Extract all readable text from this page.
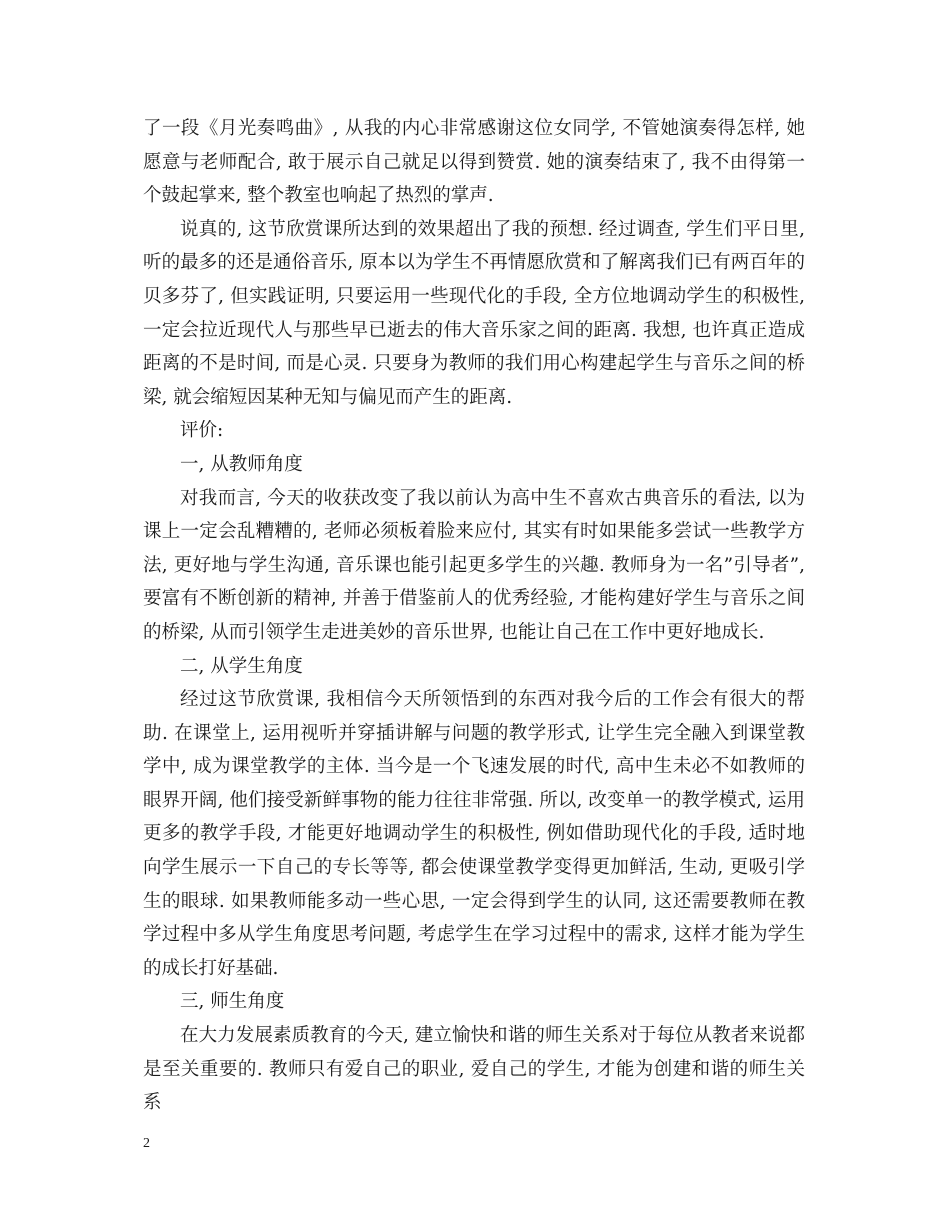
了一段《月光奏鸣曲》, 从我的内心非常感谢这位女同学, 不管她演奏得怎样, 她愿意与老师配合, 敢于展示自己就足以得到赞赏. 她的演奏结束了, 我不由得第一个鼓起掌来, 整个教室也响起了热烈的掌声.

说真的, 这节欣赏课所达到的效果超出了我的预想. 经过调查, 学生们平日里, 听的最多的还是通俗音乐, 原本以为学生不再情愿欣赏和了解离我们已有两百年的贝多芬了, 但实践证明, 只要运用一些现代化的手段, 全方位地调动学生的积极性, 一定会拉近现代人与那些早已逝去的伟大音乐家之间的距离. 我想, 也许真正造成距离的不是时间, 而是心灵. 只要身为教师的我们用心构建起学生与音乐之间的桥梁, 就会缩短因某种无知与偏见而产生的距离.

评价:

一, 从教师角度

对我而言, 今天的收获改变了我以前认为高中生不喜欢古典音乐的看法, 以为课上一定会乱糟糟的, 老师必须板着脸来应付, 其实有时如果能多尝试一些教学方法, 更好地与学生沟通, 音乐课也能引起更多学生的兴趣. 教师身为一名”引导者”, 要富有不断创新的精神, 并善于借鉴前人的优秀经验, 才能构建好学生与音乐之间的桥梁, 从而引领学生走进美妙的音乐世界, 也能让自己在工作中更好地成长.

二, 从学生角度

经过这节欣赏课, 我相信今天所领悟到的东西对我今后的工作会有很大的帮助. 在课堂上, 运用视听并穿插讲解与问题的教学形式, 让学生完全融入到课堂教学中, 成为课堂教学的主体. 当今是一个飞速发展的时代, 高中生未必不如教师的眼界开阔, 他们接受新鲜事物的能力往往非常强. 所以, 改变单一的教学模式, 运用更多的教学手段, 才能更好地调动学生的积极性, 例如借助现代化的手段, 适时地向学生展示一下自己的专长等等, 都会使课堂教学变得更加鲜活, 生动, 更吸引学生的眼球. 如果教师能多动一些心思, 一定会得到学生的认同, 这还需要教师在教学过程中多从学生角度思考问题, 考虑学生在学习过程中的需求, 这样才能为学生的成长打好基础.

三, 师生角度

在大力发展素质教育的今天, 建立愉快和谐的师生关系对于每位从教者来说都是至关重要的. 教师只有爱自己的职业, 爱自己的学生, 才能为创建和谐的师生关系

2
